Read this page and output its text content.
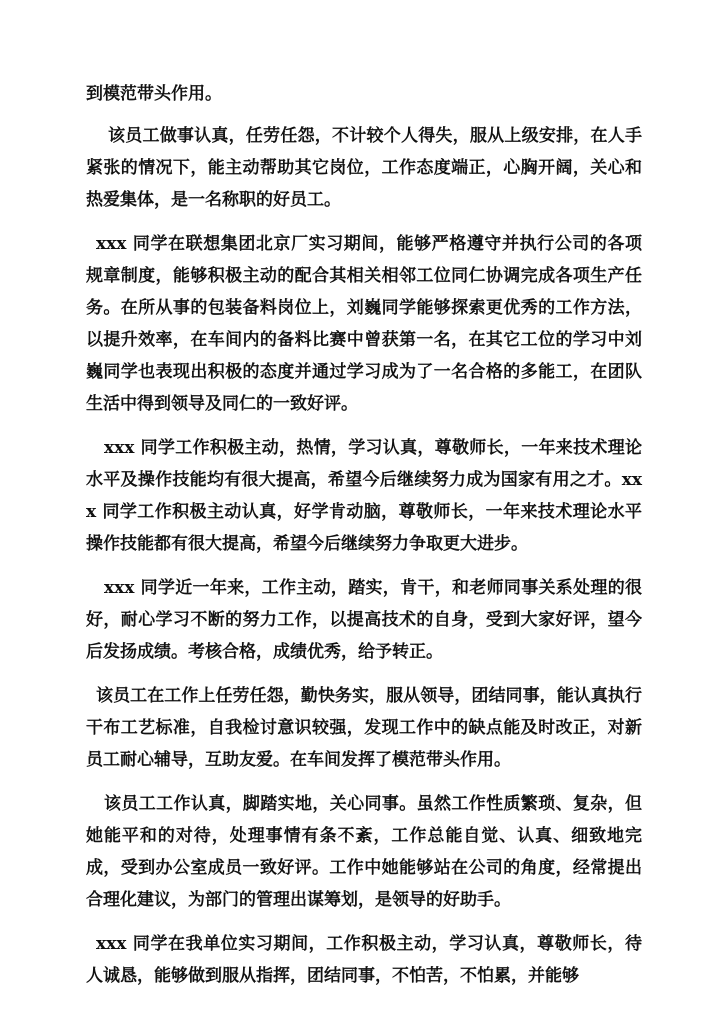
到模范带头作用。

该员工做事认真，任劳任怨，不计较个人得失，服从上级安排，在人手紧张的情况下，能主动帮助其它岗位，工作态度端正，心胸开阔，关心和热爱集体，是一名称职的好员工。

xxx 同学在联想集团北京厂实习期间，能够严格遵守并执行公司的各项规章制度，能够积极主动的配合其相关相邻工位同仁协调完成各项生产任务。在所从事的包装备料岗位上，刘巍同学能够探索更优秀的工作方法，以提升效率，在车间内的备料比赛中曾获第一名，在其它工位的学习中刘巍同学也表现出积极的态度并通过学习成为了一名合格的多能工，在团队生活中得到领导及同仁的一致好评。

xxx 同学工作积极主动，热情，学习认真，尊敬师长，一年来技术理论水平及操作技能均有很大提高，希望今后继续努力成为国家有用之才。xxx 同学工作积极主动认真，好学肯动脑，尊敬师长，一年来技术理论水平操作技能都有很大提高，希望今后继续努力争取更大进步。

xxx 同学近一年来，工作主动，踏实，肯干，和老师同事关系处理的很好，耐心学习不断的努力工作，以提高技术的自身，受到大家好评，望今后发扬成绩。考核合格，成绩优秀，给予转正。

该员工在工作上任劳任怨，勤快务实，服从领导，团结同事，能认真执行干布工艺标准，自我检讨意识较强，发现工作中的缺点能及时改正，对新员工耐心辅导，互助友爱。在车间发挥了模范带头作用。

该员工工作认真，脚踏实地，关心同事。虽然工作性质繁琐、复杂，但她能平和的对待，处理事情有条不紊，工作总能自觉、认真、细致地完成，受到办公室成员一致好评。工作中她能够站在公司的角度，经常提出合理化建议，为部门的管理出谋筹划，是领导的好助手。

xxx 同学在我单位实习期间，工作积极主动，学习认真，尊敬师长，待人诚恳，能够做到服从指挥，团结同事，不怕苦，不怕累，并能够
